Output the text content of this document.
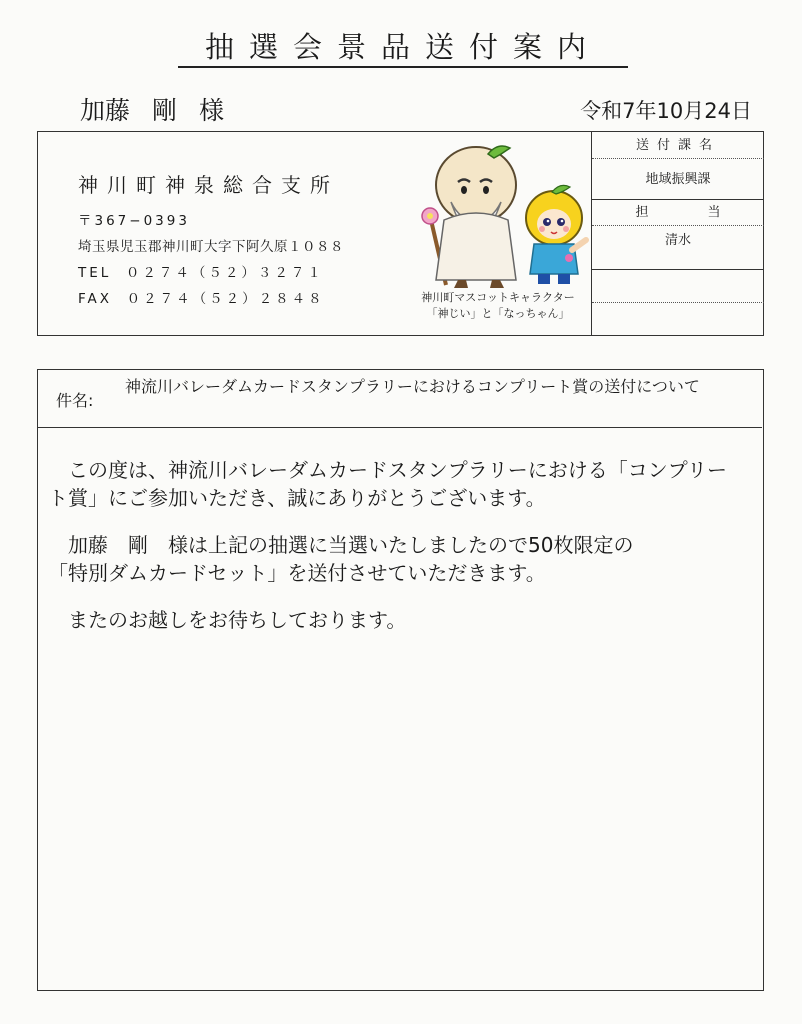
抽選会景品送付案内
加藤 剛 様	令和7年10月24日
神川町神泉総合支所
〒367−0393
埼玉県児玉郡神川町大字下阿久原１０８８
TEL ０２７４（５２）３２７１
FAX ０２７４（５２）２８４８	神川町マスコットキャラクター
「神じい」と「なっちゃん」
送付課名
地域振興課
担	当
清水
件名:
神流川バレーダムカードスタンプラリーにおけるコンプリート賞の送付について

この度は、神流川バレーダムカードスタンプラリーにおける「コンプリート賞」にご参加いただき、誠にありがとうございます。

加藤　剛　様は上記の抽選に当選いたしましたので50枚限定の
「特別ダムカードセット」を送付させていただきます。

またのお越しをお待ちしております。
